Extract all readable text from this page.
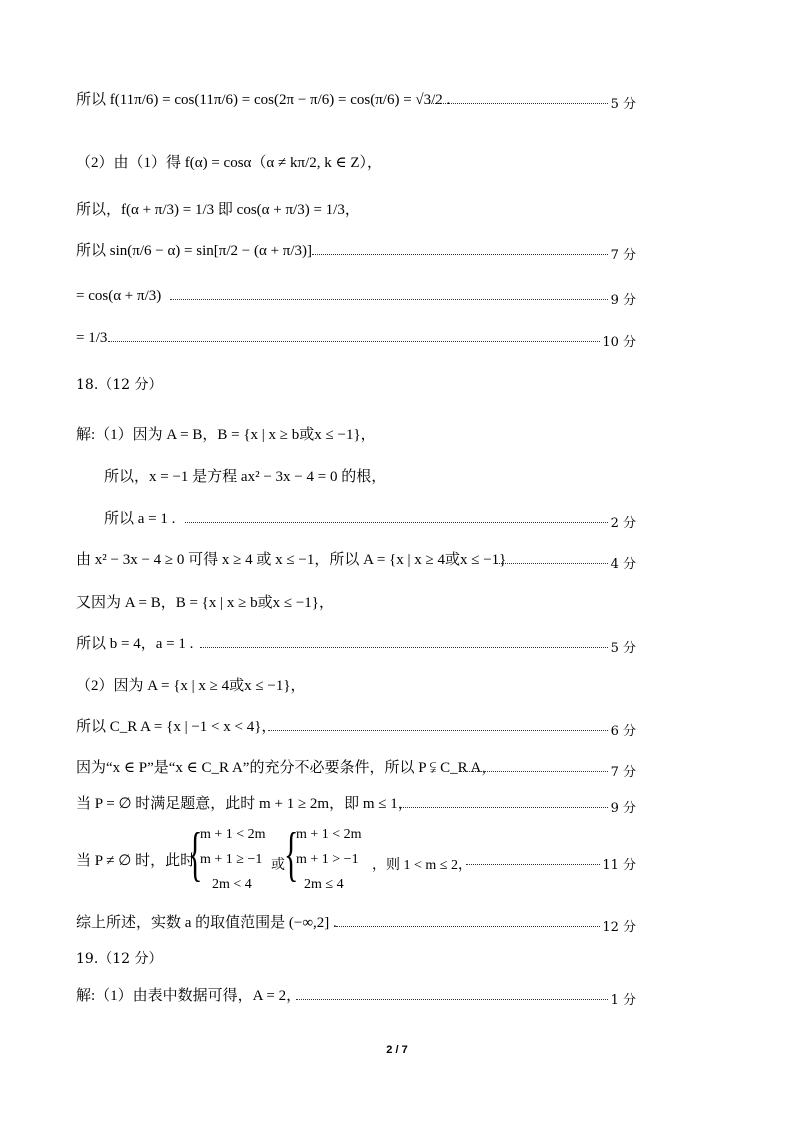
所以 f(11π/6) = cos(11π/6) = cos(2π − π/6) = cos(π/6) = √3/2 .	5 分
（2）由（1）得 f(α) = cosα（α ≠ kπ/2, k ∈ Z），
所以，f(α + π/3) = 1/3 即 cos(α + π/3) = 1/3，
所以 sin(π/6 − α) = sin[π/2 − (α + π/3)]	7 分
= cos(α + π/3)	9 分
= 1/3	10 分
18.（12 分）
解:（1）因为 A = B，B = {x | x ≥ b或x ≤ −1}，
所以，x = −1 是方程 ax² − 3x − 4 = 0 的根，
所以 a = 1 .	2 分
由 x² − 3x − 4 ≥ 0 可得 x ≥ 4 或 x ≤ −1，所以 A = {x | x ≥ 4或x ≤ −1}	4 分
又因为 A = B，B = {x | x ≥ b或x ≤ −1}，
所以 b = 4，a = 1 .	5 分
（2）因为 A = {x | x ≥ 4或x ≤ −1}，
所以 C_R A = {x | −1 < x < 4}，	6 分
因为“x ∈ P”是“x ∈ C_R A”的充分不必要条件，所以 P ⫋ C_R A，	7 分
当 P = ∅ 时满足题意，此时 m + 1 ≥ 2m，即 m ≤ 1，	9 分
当 P ≠ ∅ 时，此时
{
m + 1 < 2m
m + 1 ≥ −1
2m < 4
或 {
m + 1 < 2m
m + 1 > −1
2m ≤ 4
，则 1 < m ≤ 2，	11 分
综上所述，实数 a 的取值范围是 (−∞,2] .	12 分
19.（12 分）
解:（1）由表中数据可得，A = 2，	1 分
2 / 7
